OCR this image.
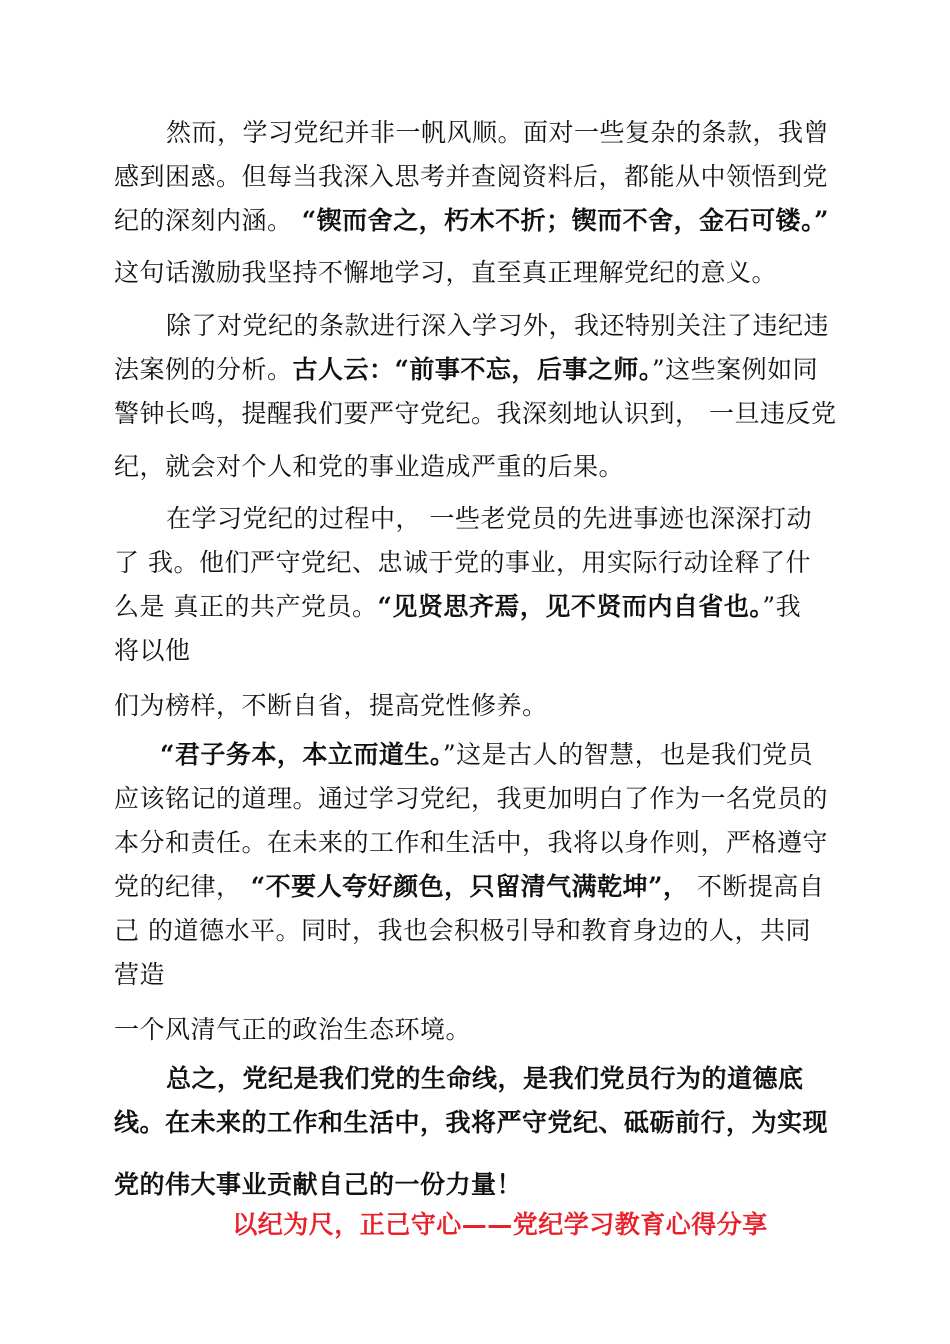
然而，学习党纪并非一帆风顺。面对一些复杂的条款，我曾
感到困惑。但每当我深入思考并查阅资料后，都能从中领悟到党
纪的深刻内涵。 “锲而舍之，朽木不折；锲而不舍，金石可镂。”
这句话激励我坚持不懈地学习，直至真正理解党纪的意义。
除了对党纪的条款进行深入学习外，我还特别关注了违纪违
法案例的分析。古人云：“前事不忘，后事之师。”这些案例如同
警钟长鸣，提醒我们要严守党纪。我深刻地认识到， 一旦违反党
纪，就会对个人和党的事业造成严重的后果。
在学习党纪的过程中， 一些老党员的先进事迹也深深打动
了 我。他们严守党纪、忠诚于党的事业，用实际行动诠释了什
么是 真正的共产党员。“见贤思齐焉，见不贤而内自省也。”我
将以他
们为榜样，不断自省，提高党性修养。
“君子务本，本立而道生。”这是古人的智慧，也是我们党员
应该铭记的道理。通过学习党纪，我更加明白了作为一名党员的
本分和责任。在未来的工作和生活中，我将以身作则，严格遵守
党的纪律， “不要人夸好颜色，只留清气满乾坤”， 不断提高自
己 的道德水平。同时，我也会积极引导和教育身边的人，共同
营造
一个风清气正的政治生态环境。
总之，党纪是我们党的生命线，是我们党员行为的道德底
线。在未来的工作和生活中，我将严守党纪、砥砺前行，为实现
党的伟大事业贡献自己的一份力量！
以纪为尺，正己守心——党纪学习教育心得分享
